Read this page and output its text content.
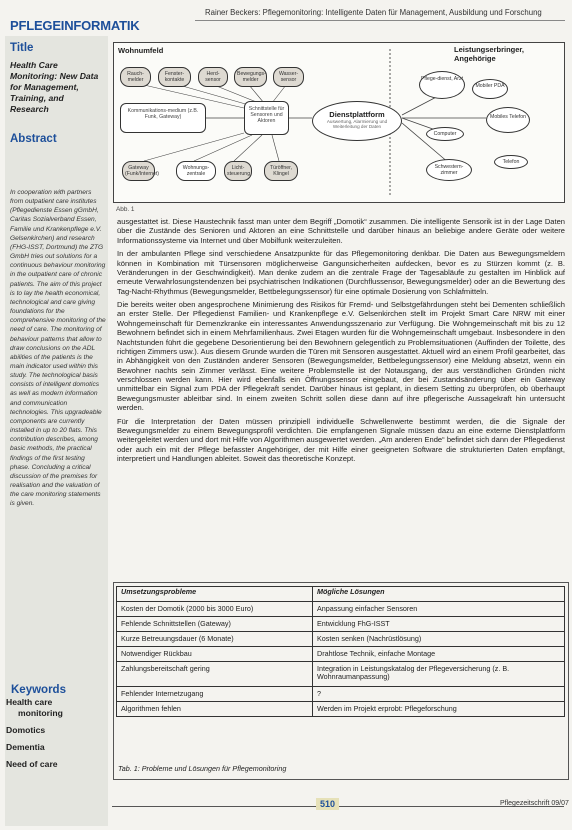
PFLEGEINFORMATIK
Rainer Beckers: Pflegemonitoring: Intelligente Daten für Management, Ausbildung und Forschung
Title
Health Care Monitoring: New Data for Management, Training, and Research
Abstract
In cooperation with partners from outpatient care institutes (Pflegedienste Essen gGmbH, Caritas Sozialverband Essen, Familie und Krankenpflege e.V. Gelsenkirchen) and research (FHG-ISST, Dortmund) the ZTG GmbH tries out solutions for a continuous behaviour monitoring in the outpatient care of chronic patients. The aim of this project is to lay the health economical, technological and care giving foundations for the comprehensive monitoring of the need of care. The monitoring of behaviour patterns that allow to draw conclusions on the ADL abilities of the patients is the main indicator used within this study. The technological basis consists of intelligent domotics as well as modern information and communication technologies. This upgradeable components are currently installed in up to 20 flats. This contribution describes, among basic methods, the practical findings of the first testing phase. Concluding a critical discussion of the premises for realisation and the valuation of the care monitoring statements is given.
Keywords
Health care
monitoring
Domotics
Dementia
Need of care
Wohnumfeld	Leistungserbringer, Angehörige
Rauch-melder
Fenster-kontakte
Herd-sensor
Bewegungs-melder
Wasser-sensor
Kommunikations-medium (z.B. Funk, Gateway)
Schnittstelle für Sensoren und Aktoren
Dienstplattform
Auswertung, Alarmierung und Weiterleitung der Daten
Gateway (Funk/Internet)
Wohnungs-zentrale
Licht-steuerung
Türöffner, Klingel
Pflege-dienst, Arzt
Mobiler PDA
Computer
Mobiles Telefon
Schwestern-zimmer
Telefon
Abb. 1

ausgestattet ist. Diese Haustechnik fasst man unter dem Begriff „Domotik“ zusammen. Die intelligente Sensorik ist in der Lage Daten über die Zustände des Senioren und Aktoren an eine Schnittstelle und darüber hinaus an beliebige andere Geräte oder weitere Informationssysteme via Internet und über Mobilfunk weiterzuleiten.

In der ambulanten Pflege sind verschiedene Ansatzpunkte für das Pflegemonitoring denkbar. Die Daten aus Bewegungsmeldern können in Kombination mit Türsensoren möglicherweise Gangunsicherheiten aufdecken, bevor es zu Stürzen kommt (z. B. Veränderungen in der Geschwindigkeit). Man denke zudem an die zentrale Frage der Tagesabläufe zu gestalten im Hinblick auf erneute Verwahrlosungstendenzen bei psychiatrischen Indikationen (Durchflussensor, Bewegungsmelder) oder an die Bewertung des Tag-Nacht-Rhythmus (Bewegungsmelder, Bettbelegungssensor) für eine optimale Dosierung von Schlafmitteln.

Die bereits weiter oben angesprochene Minimierung des Risikos für Fremd- und Selbstgefährdungen steht bei Dementen schließlich an erster Stelle. Der Pflegedienst Familien- und Krankenpflege e.V. Gelsenkirchen stellt im Projekt Smart Care NRW mit einer Wohngemeinschaft für Demenzkranke ein interessantes Anwendungsszenario zur Verfügung. Die Wohngemeinschaft mit bis zu 12 Bewohnern befindet sich in einem Mehrfamilienhaus. Zwei Etagen wurden für die Wohngemeinschaft umgebaut. Insbesondere in den Nachtstunden führt die gegebene Desorientierung bei den Bewohnern gelegentlich zu Problemsituationen (Auffinden der Toilette, des richtigen Zimmers usw.). Aus diesem Grunde wurden die Türen mit Sensoren ausgestattet. Aktuell wird an einem Profil gearbeitet, das in Abhängigkeit von den Zuständen anderer Sensoren (Bewegungsmelder, Bettbelegungssensor) eine Meldung absetzt, wenn ein Bewohner nachts sein Zimmer verlässt. Eine weitere Problemstelle ist der Notausgang, der aus verständlichen Gründen nicht verschlossen werden kann. Hier wird ebenfalls ein Öffnungssensor eingebaut, der bei Zustandsänderung über ein Gateway unmittelbar ein Signal zum PDA der Pflegekraft sendet. Darüber hinaus ist geplant, in diesem Setting zu überprüfen, ob überhaupt Bewegungsmuster ableitbar sind. In einem zweiten Schritt sollen diese dann auf ihre pflegerische Aussagekraft hin untersucht werden.

Für die Interpretation der Daten müssen prinzipiell individuelle Schwellenwerte bestimmt werden, die die Signale der Bewegungsmelder zu einem Bewegungsprofil verdichten. Die empfangenen Signale müssen dazu an eine externe Dienstplattform weitergeleitet werden und dort mit Hilfe von Algorithmen ausgewertet werden. „Am anderen Ende“ befindet sich dann der Pflegedienst oder auch ein mit der Pflege befasster Angehöriger, der mit Hilfe einer geeigneten Software die strukturierten Daten empfängt, interpretiert und Handlungen ableitet. Soweit das theoretische Konzept.

Umsetzungsprobleme	Mögliche Lösungen
Kosten der Domotik (2000 bis 3000 Euro)	Anpassung einfacher Sensoren
Fehlende Schnittstellen (Gateway)	Entwicklung FhG-ISST
Kurze Betreuungsdauer (6 Monate)	Kosten senken (Nachrüstlösung)
Notwendiger Rückbau	Drahtlose Technik, einfache Montage
Zahlungsbereitschaft gering	Integration in Leistungskatalog der Pflegeversicherung (z. B. Wohnraumanpassung)
Fehlender Internetzugang	?
Algorithmen fehlen	Werden im Projekt erprobt: Pflegeforschung
Tab. 1: Probleme und Lösungen für Pflegemonitoring
510	Pflegezeitschrift 09/07
